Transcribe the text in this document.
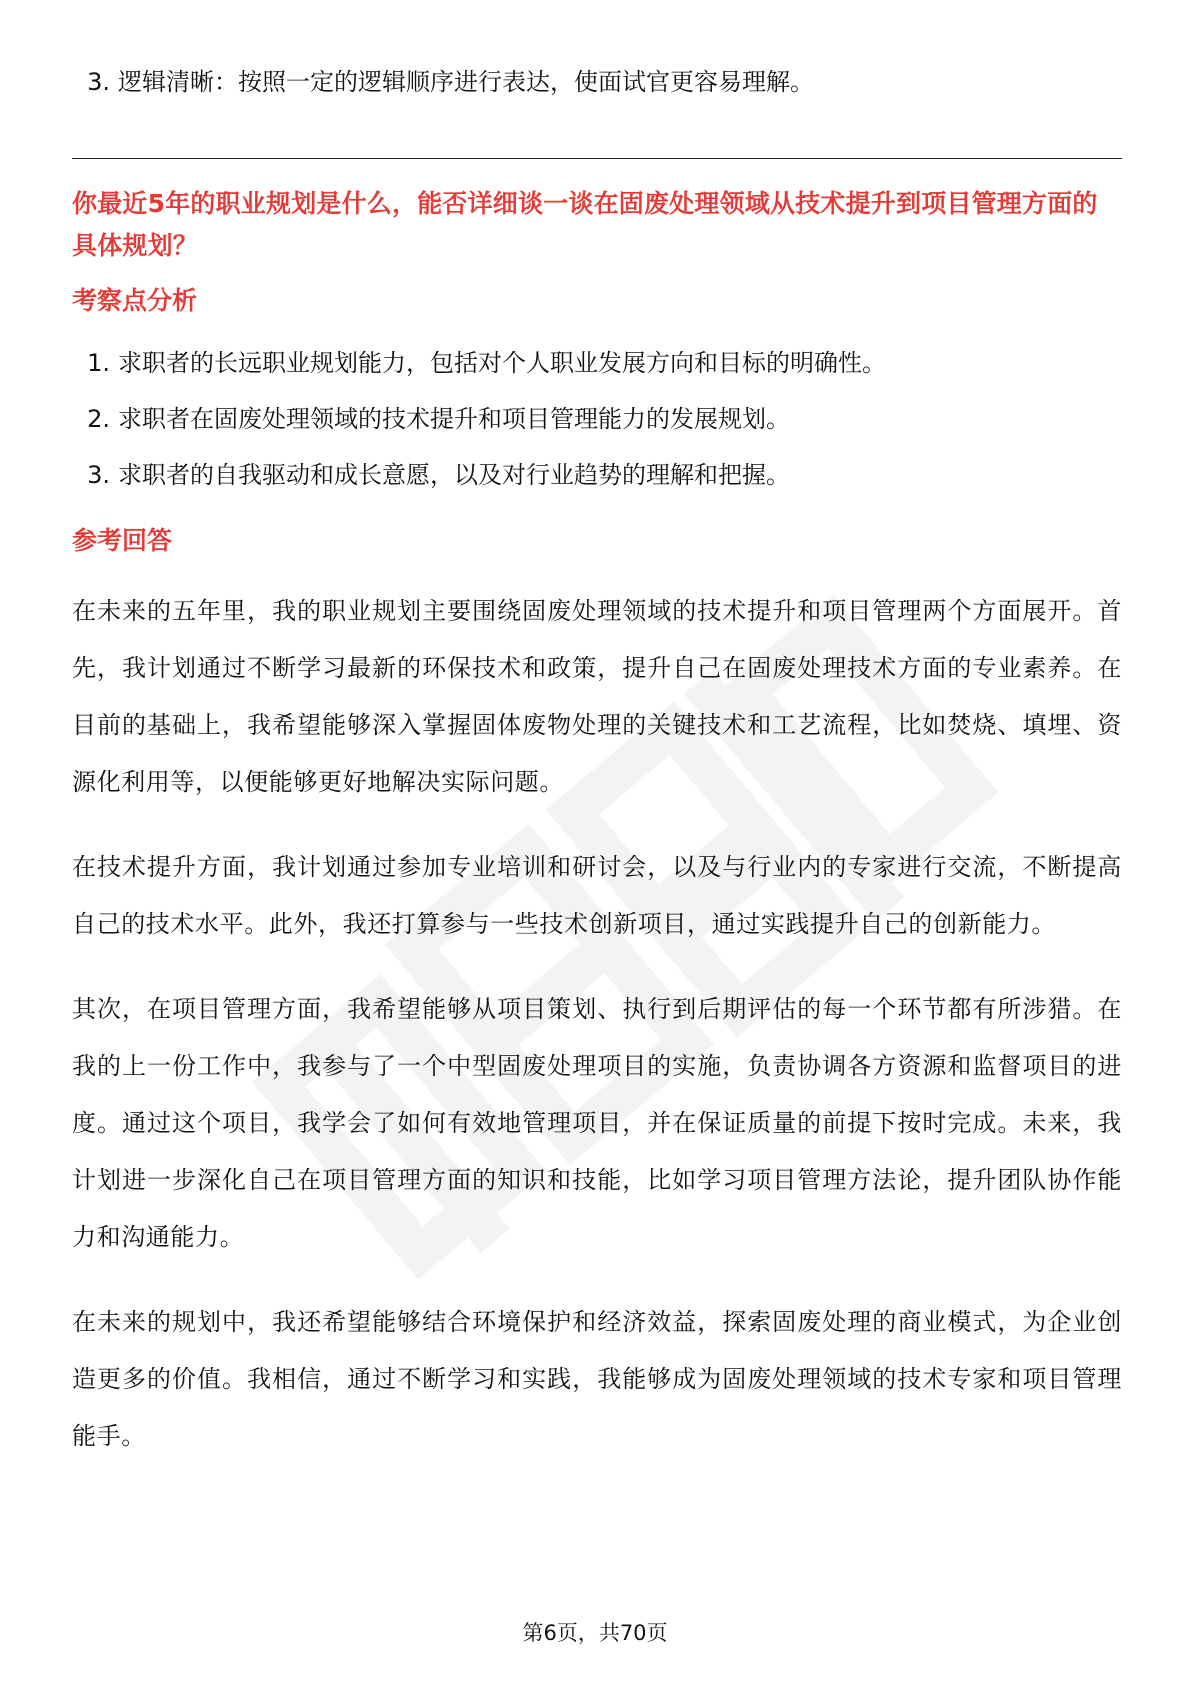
3. 逻辑清晰：按照一定的逻辑顺序进行表达，使面试官更容易理解。

你最近5年的职业规划是什么，能否详细谈一谈在固废处理领域从技术提升到项目管理方面的具体规划？

考察点分析
1. 求职者的长远职业规划能力，包括对个人职业发展方向和目标的明确性。
2. 求职者在固废处理领域的技术提升和项目管理能力的发展规划。
3. 求职者的自我驱动和成长意愿，以及对行业趋势的理解和把握。
参考回答

在未来的五年里，我的职业规划主要围绕固废处理领域的技术提升和项目管理两个方面展开。首先，我计划通过不断学习最新的环保技术和政策，提升自己在固废处理技术方面的专业素养。在目前的基础上，我希望能够深入掌握固体废物处理的关键技术和工艺流程，比如焚烧、填埋、资源化利用等，以便能够更好地解决实际问题。

在技术提升方面，我计划通过参加专业培训和研讨会，以及与行业内的专家进行交流，不断提高自己的技术水平。此外，我还打算参与一些技术创新项目，通过实践提升自己的创新能力。

其次，在项目管理方面，我希望能够从项目策划、执行到后期评估的每一个环节都有所涉猎。在我的上一份工作中，我参与了一个中型固废处理项目的实施，负责协调各方资源和监督项目的进度。通过这个项目，我学会了如何有效地管理项目，并在保证质量的前提下按时完成。未来，我计划进一步深化自己在项目管理方面的知识和技能，比如学习项目管理方法论，提升团队协作能力和沟通能力。

在未来的规划中，我还希望能够结合环境保护和经济效益，探索固废处理的商业模式，为企业创造更多的价值。我相信，通过不断学习和实践，我能够成为固废处理领域的技术专家和项目管理能手。

第6页，共70页
